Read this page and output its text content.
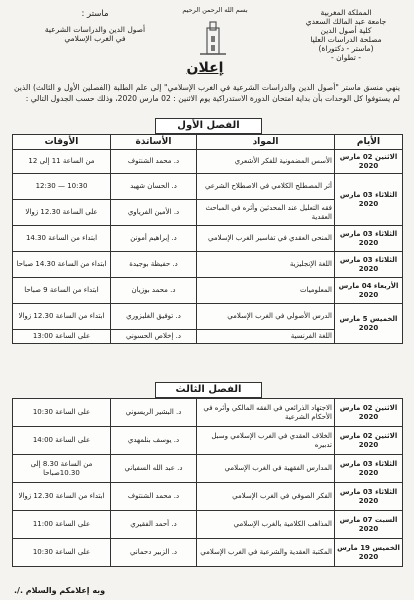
المملكة المغربية
جامعة عبد المالك السعدي
كلية أصول الدين
مصلحة الدراسات العليا
(ماستر - دكتوراة)
- تطوان -
بسم الله الرحمن الرحيم
ماستر :
أصول الدين والدراسات الشرعية
في الغرب الإسلامي
إعلان

ينهي منسق ماستر "أصول الدين والدراسات الشرعية في الغرب الإسلامي" إلى علم الطلبة (الفصلين الأول و الثالث) الذين لم يستوفوا كل الوحدات بأن بداية امتحان الدورة الاستدراكية يوم الاثنين : 02 مارس 2020، وذلك حسب الجدول التالي :

الفصل الأول
الأيام	المواد	الأساتذة	الأوقات
الاثنين 02 مارس 2020	الأسس المضمونية للفكر الأشعري	د. محمد الشنتوف	من الساعة 11 إلى 12
الثلاثاء 03 مارس 2020	أثر المصطلح الكلامي في الاصطلاح الشرعي	د. الحسان شهيد	10:30 — 12:30
	فقه التعليل عند المحدثين وأثره في المباحث العقدية	د. الأمين الفرياوي	على الساعة 12.30 زوالا
الثلاثاء 03 مارس 2020	المنحى العقدي في تفاسير الغرب الإسلامي	د. إبراهيم أمونن	ابتداء من الساعة 14.30
الثلاثاء 03 مارس 2020	اللغة الإنجليزية	د. حفيظة بوجيدة	ابتداء من الساعة 14.30 صباحا
الأربعاء 04 مارس 2020	المعلوميات	د. محمد بوزيان	ابتداء من الساعة 9 صباحا
الخميس 5 مارس 2020	الدرس الأصولي في الغرب الإسلامي	د. توفيق الغلبزوري	ابتداء من الساعة 12.30 زوالا
	اللغة الفرنسية	د. إخلاص الحسوني	على الساعة 13:00
الفصل الثالث
الاثنين 02 مارس 2020	الاجتهاد الذرائعي في الفقه المالكي وأثره في الأحكام الشرعية	د. البشير الريسوني	على الساعة 10:30
الاثنين 02 مارس 2020	الخلاف العقدي في الغرب الإسلامي وسبل تدبيره	د. يوسف بنلمهدي	على الساعة 14:00
الثلاثاء 03 مارس 2020	المدارس الفقهية في الغرب الإسلامي	د. عبد الله السفياني	من الساعة 8.30 إلى 10.30صباحا
الثلاثاء 03 مارس 2020	الفكر الصوفي في الغرب الإسلامي	د. محمد الشنتوف	ابتداء من الساعة 12.30 زوالا
السبت 07 مارس 2020	المذاهب الكلامية بالغرب الإسلامي	د. أحمد الفقيري	على الساعة 11:00
الخميس 19 مارس 2020	المكتبة العقدية والشرعية في الغرب الإسلامي	د. الزبير دحماني	على الساعة 10:30
وبه إعلامكم والسلام ./.
